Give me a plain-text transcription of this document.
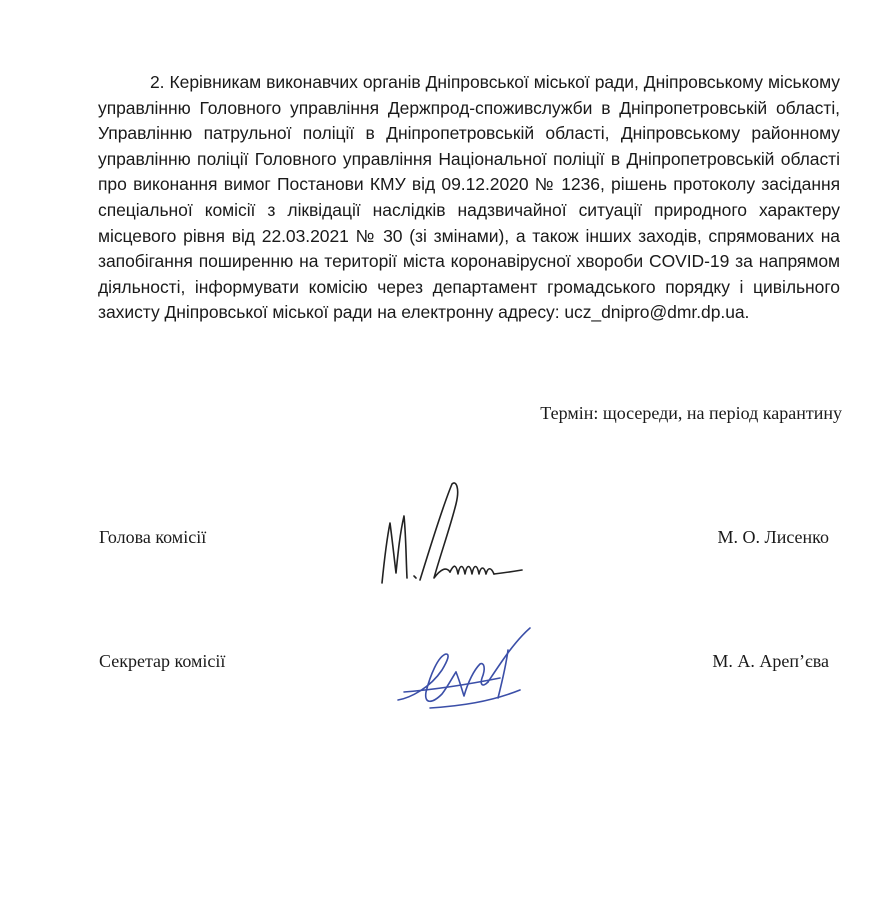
2. Керівникам виконавчих органів Дніпровської міської ради, Дніпровському міському управлінню Головного управління Держпрод-споживслужби в Дніпропетровській області, Управлінню патрульної поліції в Дніпропетровській області, Дніпровському районному управлінню поліції Головного управління Національної поліції в Дніпропетровській області про виконання вимог Постанови КМУ від 09.12.2020 № 1236, рішень протоколу засідання спеціальної комісії з ліквідації наслідків надзвичайної ситуації природного характеру місцевого рівня від 22.03.2021 № 30 (зі змінами), а також інших заходів, спрямованих на запобігання поширенню на території міста коронавірусної хвороби COVID-19 за напрямом діяльності, інформувати комісію через департамент громадського порядку і цивільного захисту Дніпровської міської ради на електронну адресу: ucz_dnipro@dmr.dp.ua.

Термін: щосереди, на період карантину
Голова комісії	М. О. Лисенко
Секретар комісії	М. А. Ареп’єва
